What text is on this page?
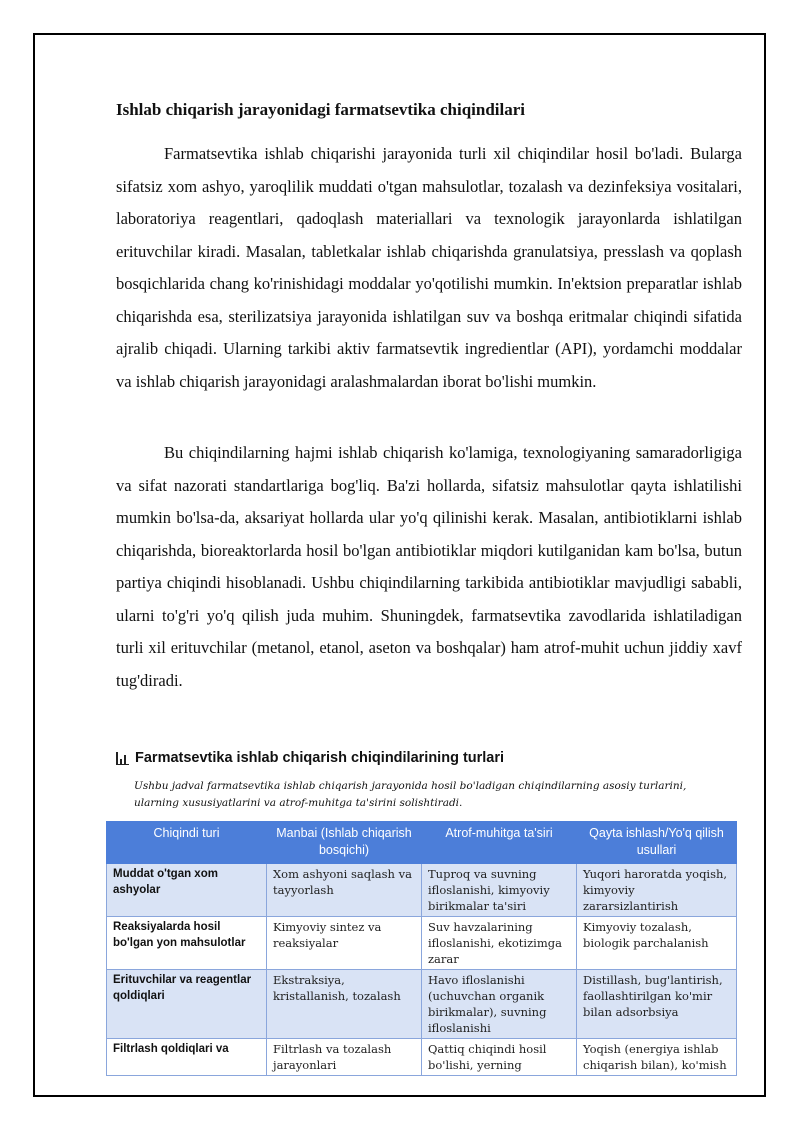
Ishlab chiqarish jarayonidagi farmatsevtika chiqindilari

Farmatsevtika ishlab chiqarishi jarayonida turli xil chiqindilar hosil bo'ladi. Bularga sifatsiz xom ashyo, yaroqlilik muddati o'tgan mahsulotlar, tozalash va dezinfeksiya vositalari, laboratoriya reagentlari, qadoqlash materiallari va texnologik jarayonlarda ishlatilgan erituvchilar kiradi. Masalan, tabletkalar ishlab chiqarishda granulatsiya, presslash va qoplash bosqichlarida chang ko'rinishidagi moddalar yo'qotilishi mumkin. In'ektsion preparatlar ishlab chiqarishda esa, sterilizatsiya jarayonida ishlatilgan suv va boshqa eritmalar chiqindi sifatida ajralib chiqadi. Ularning tarkibi aktiv farmatsevtik ingredientlar (API), yordamchi moddalar va ishlab chiqarish jarayonidagi aralashmalardan iborat bo'lishi mumkin.

Bu chiqindilarning hajmi ishlab chiqarish ko'lamiga, texnologiyaning samaradorligiga va sifat nazorati standartlariga bog'liq. Ba'zi hollarda, sifatsiz mahsulotlar qayta ishlatilishi mumkin bo'lsa-da, aksariyat hollarda ular yo'q qilinishi kerak. Masalan, antibiotiklarni ishlab chiqarishda, bioreaktorlarda hosil bo'lgan antibiotiklar miqdori kutilganidan kam bo'lsa, butun partiya chiqindi hisoblanadi. Ushbu chiqindilarning tarkibida antibiotiklar mavjudligi sababli, ularni to'g'ri yo'q qilish juda muhim. Shuningdek, farmatsevtika zavodlarida ishlatiladigan turli xil erituvchilar (metanol, etanol, aseton va boshqalar) ham atrof-muhit uchun jiddiy xavf tug'diradi.

Farmatsevtika ishlab chiqarish chiqindilarining turlari

Ushbu jadval farmatsevtika ishlab chiqarish jarayonida hosil bo'ladigan chiqindilarning asosiy turlarini, ularning xususiyatlarini va atrof-muhitga ta'sirini solishtiradi.

Chiqindi turi	Manbai (Ishlab chiqarish bosqichi)	Atrof-muhitga ta'siri	Qayta ishlash/Yo'q qilish usullari
Muddat o'tgan xom ashyolar	Xom ashyoni saqlash va tayyorlash	Tuproq va suvning ifloslanishi, kimyoviy birikmalar ta'siri	Yuqori haroratda yoqish, kimyoviy zararsizlantirish
Reaksiyalarda hosil bo'lgan yon mahsulotlar	Kimyoviy sintez va reaksiyalar	Suv havzalarining ifloslanishi, ekotizimga zarar	Kimyoviy tozalash, biologik parchalanish
Erituvchilar va reagentlar qoldiqlari	Ekstraksiya, kristallanish, tozalash	Havo ifloslanishi (uchuvchan organik birikmalar), suvning ifloslanishi	Distillash, bug'lantirish, faollashtirilgan ko'mir bilan adsorbsiya
Filtrlash qoldiqlari va	Filtrlash va tozalash jarayonlari	Qattiq chiqindi hosil bo'lishi, yerning	Yoqish (energiya ishlab chiqarish bilan), ko'mish
